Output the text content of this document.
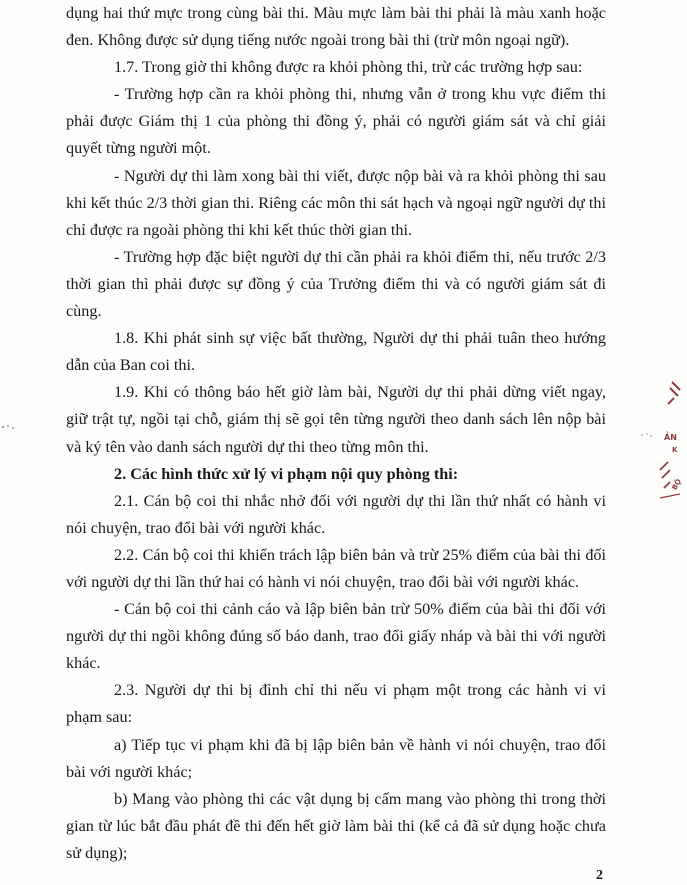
dụng hai thứ mực trong cùng bài thi. Màu mực làm bài thi phải là màu xanh hoặc đen. Không được sử dụng tiếng nước ngoài trong bài thi (trừ môn ngoại ngữ).

1.7. Trong giờ thi không được ra khỏi phòng thi, trừ các trường hợp sau:

- Trường hợp cần ra khỏi phòng thi, nhưng vẫn ở trong khu vực điểm thi phải được Giám thị 1 của phòng thi đồng ý, phải có người giám sát và chỉ giải quyết từng người một.

- Người dự thi làm xong bài thi viết, được nộp bài và ra khỏi phòng thi sau khi kết thúc 2/3 thời gian thi. Riêng các môn thi sát hạch và ngoại ngữ người dự thi chỉ được ra ngoài phòng thi khi kết thúc thời gian thi.

- Trường hợp đặc biệt người dự thi cần phải ra khỏi điểm thi, nếu trước 2/3 thời gian thì phải được sự đồng ý của Trưởng điểm thi và có người giám sát đi cùng.

1.8. Khi phát sinh sự việc bất thường, Người dự thi phải tuân theo hướng dẫn của Ban coi thi.

1.9. Khi có thông báo hết giờ làm bài, Người dự thi phải dừng viết ngay, giữ trật tự, ngồi tại chỗ, giám thị sẽ gọi tên từng người theo danh sách lên nộp bài và ký tên vào danh sách người dự thi theo từng môn thi.

2. Các hình thức xử lý vi phạm nội quy phòng thi:

2.1. Cán bộ coi thi nhắc nhở đối với người dự thi lần thứ nhất có hành vi nói chuyện, trao đổi bài với người khác.

2.2. Cán bộ coi thi khiển trách lập biên bản và trừ 25% điểm của bài thi đối với người dự thi lần thứ hai có hành vi nói chuyện, trao đổi bài với người khác.

- Cán bộ coi thi cảnh cáo và lập biên bản trừ 50% điểm của bài thi đối với người dự thi ngồi không đúng số báo danh, trao đổi giấy nháp và bài thi với người khác.

2.3. Người dự thi bị đình chỉ thi nếu vi phạm một trong các hành vi vi phạm sau:

a) Tiếp tục vi phạm khi đã bị lập biên bản về hành vi nói chuyện, trao đổi bài với người khác;

b) Mang vào phòng thi các vật dụng bị cấm mang vào phòng thi trong thời gian từ lúc bắt đầu phát đề thi đến hết giờ làm bài thi (kể cả đã sử dụng hoặc chưa sử dụng);

2
ẢN
K
BỘ
